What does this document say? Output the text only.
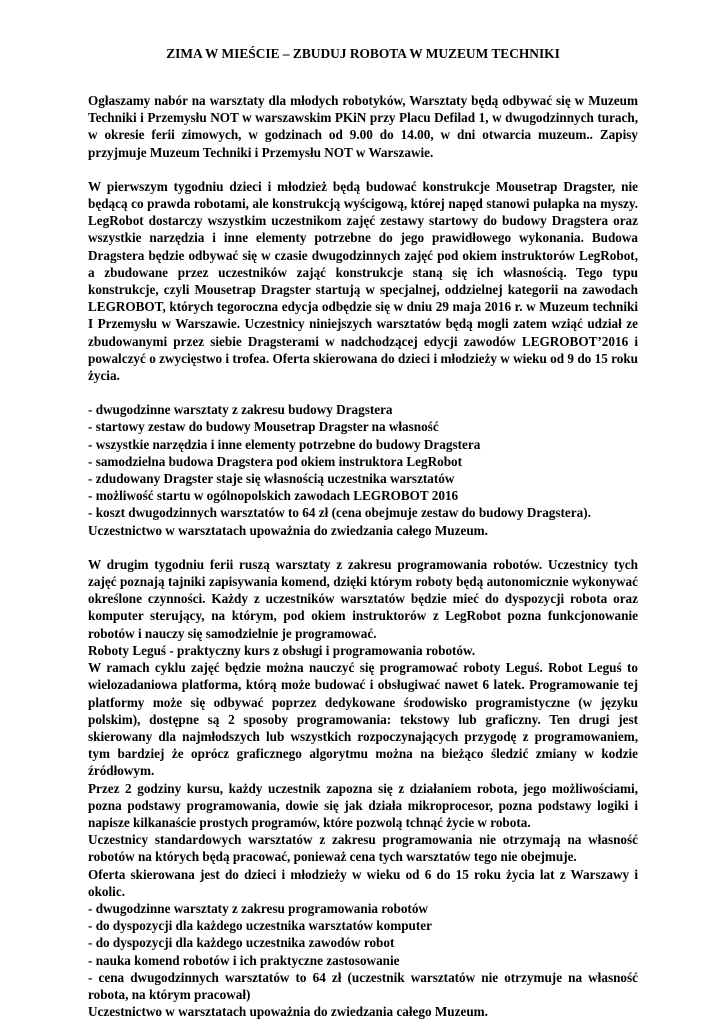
ZIMA W MIEŚCIE – ZBUDUJ ROBOTA W MUZEUM TECHNIKI

Ogłaszamy nabór na warsztaty dla młodych robotyków, Warsztaty będą odbywać się w Muzeum Techniki i Przemysłu NOT w warszawskim PKiN przy Placu Defilad 1, w dwugodzinnych turach, w okresie ferii zimowych, w godzinach od 9.00 do 14.00, w dni otwarcia muzeum.. Zapisy przyjmuje Muzeum Techniki i Przemysłu NOT w Warszawie.

W pierwszym tygodniu dzieci i młodzież będą budować konstrukcje Mousetrap Dragster, nie będącą co prawda robotami, ale konstrukcją wyścigową, której napęd stanowi pułapka na myszy. LegRobot dostarczy wszystkim uczestnikom zajęć zestawy startowy do budowy Dragstera oraz wszystkie narzędzia i inne elementy potrzebne do jego prawidłowego wykonania. Budowa Dragstera będzie odbywać się w czasie dwugodzinnych zajęć pod okiem instruktorów LegRobot, a zbudowane przez uczestników zająć konstrukcje staną się ich własnością. Tego typu konstrukcje, czyli Mousetrap Dragster startują w specjalnej, oddzielnej kategorii na zawodach LEGROBOT, których tegoroczna edycja odbędzie się w dniu 29 maja 2016 r. w Muzeum techniki I Przemysłu w Warszawie. Uczestnicy niniejszych warsztatów będą mogli zatem wziąć udział ze zbudowanymi przez siebie Dragsterami w nadchodzącej edycji zawodów LEGROBOT’2016 i powalczyć o zwycięstwo i trofea. Oferta skierowana do dzieci i młodzieży w wieku od 9 do 15 roku życia.

- dwugodzinne warsztaty z zakresu budowy Dragstera

- startowy zestaw do budowy Mousetrap Dragster na własność

- wszystkie narzędzia i inne elementy potrzebne do budowy Dragstera

- samodzielna budowa Dragstera pod okiem instruktora LegRobot

- zdudowany Dragster staje się własnością uczestnika warsztatów

- możliwość startu w ogólnopolskich zawodach LEGROBOT 2016

- koszt dwugodzinnych warsztatów to 64 zł (cena obejmuje zestaw do budowy Dragstera).

Uczestnictwo w warsztatach upoważnia do zwiedzania całego Muzeum.

W drugim tygodniu ferii ruszą warsztaty z zakresu programowania robotów. Uczestnicy tych zajęć poznają tajniki zapisywania komend, dzięki którym roboty będą autonomicznie wykonywać określone czynności. Każdy z uczestników warsztatów będzie mieć do dyspozycji robota oraz komputer sterujący, na którym, pod okiem instruktorów z LegRobot pozna funkcjonowanie robotów i nauczy się samodzielnie je programować.

Roboty Leguś - praktyczny kurs z obsługi i programowania robotów.

W ramach cyklu zajęć będzie można nauczyć się programować roboty Leguś. Robot Leguś to wielozadaniowa platforma, którą może budować i obsługiwać nawet 6 latek. Programowanie tej platformy może się odbywać poprzez dedykowane środowisko programistyczne (w języku polskim), dostępne są 2 sposoby programowania: tekstowy lub graficzny. Ten drugi jest skierowany dla najmłodszych lub wszystkich rozpoczynających przygodę z programowaniem, tym bardziej że oprócz graficznego algorytmu można na bieżąco śledzić zmiany w kodzie źródłowym.

Przez 2 godziny kursu, każdy uczestnik zapozna się z działaniem robota, jego możliwościami, pozna podstawy programowania, dowie się jak działa mikroprocesor, pozna podstawy logiki i napisze kilkanaście prostych programów, które pozwolą tchnąć życie w robota.

Uczestnicy standardowych warsztatów z zakresu programowania nie otrzymają na własność robotów na których będą pracować, ponieważ cena tych warsztatów tego nie obejmuje.

Oferta skierowana jest do dzieci i młodzieży w wieku od 6 do 15 roku życia lat z Warszawy i okolic.

- dwugodzinne warsztaty z zakresu programowania robotów

- do dyspozycji dla każdego uczestnika warsztatów komputer

- do dyspozycji dla każdego uczestnika zawodów robot

- nauka komend robotów i ich praktyczne zastosowanie

- cena dwugodzinnych warsztatów to 64 zł (uczestnik warsztatów nie otrzymuje na własność robota, na którym pracował)

Uczestnictwo w warsztatach upoważnia do zwiedzania całego Muzeum.
